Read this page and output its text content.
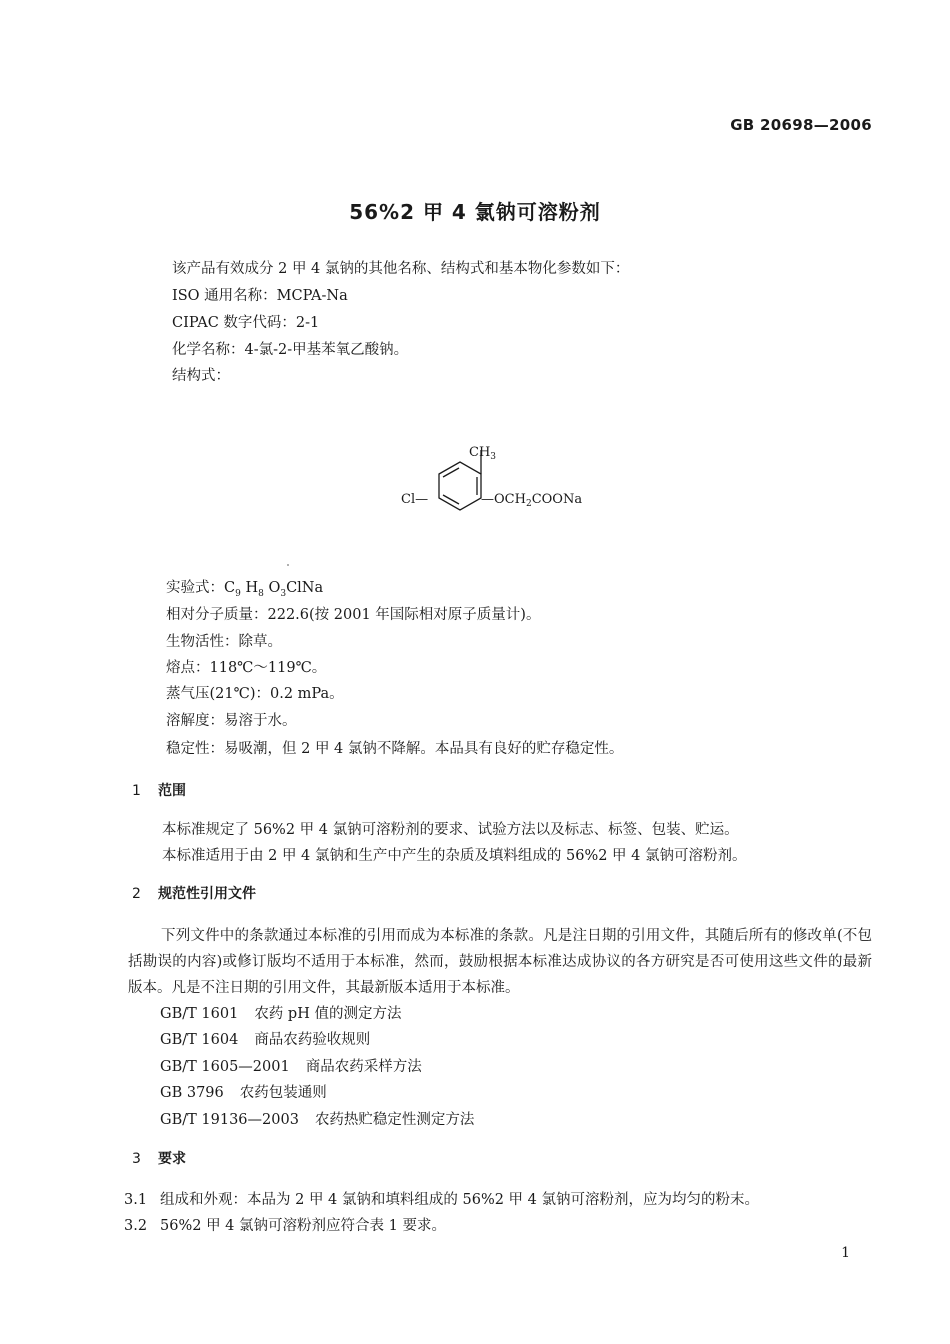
GB 20698—2006
56%2 甲 4 氯钠可溶粉剂
该产品有效成分 2 甲 4 氯钠的其他名称、结构式和基本物化参数如下：
ISO 通用名称：MCPA-Na
CIPAC 数字代码：2-1
化学名称：4-氯-2-甲基苯氧乙酸钠。
结构式：
$CH_3$
Cl—	$—OCH_2COONa$
实验式：$C_9$ $H_8$ $O_3ClNa$
相对分子质量：222.6(按 2001 年国际相对原子质量计)。
生物活性：除草。
熔点：118℃～119℃。
蒸气压(21℃)：0.2 mPa。
溶解度：易溶于水。
稳定性：易吸潮，但 2 甲 4 氯钠不降解。本品具有良好的贮存稳定性。
1 范围
本标准规定了 56%2 甲 4 氯钠可溶粉剂的要求、试验方法以及标志、标签、包装、贮运。
本标准适用于由 2 甲 4 氯钠和生产中产生的杂质及填料组成的 56%2 甲 4 氯钠可溶粉剂。
2 规范性引用文件
下列文件中的条款通过本标准的引用而成为本标准的条款。凡是注日期的引用文件，其随后所有的修改单(不包括勘误的内容)或修订版均不适用于本标准，然而，鼓励根据本标准达成协议的各方研究是否可使用这些文件的最新版本。凡是不注日期的引用文件，其最新版本适用于本标准。
GB/T 1601 农药 pH 值的测定方法
GB/T 1604 商品农药验收规则
GB/T 1605—2001 商品农药采样方法
GB 3796 农药包装通则
GB/T 19136—2003 农药热贮稳定性测定方法
3 要求
3.1 组成和外观：本品为 2 甲 4 氯钠和填料组成的 56%2 甲 4 氯钠可溶粉剂，应为均匀的粉末。
3.2 56%2 甲 4 氯钠可溶粉剂应符合表 1 要求。
1
